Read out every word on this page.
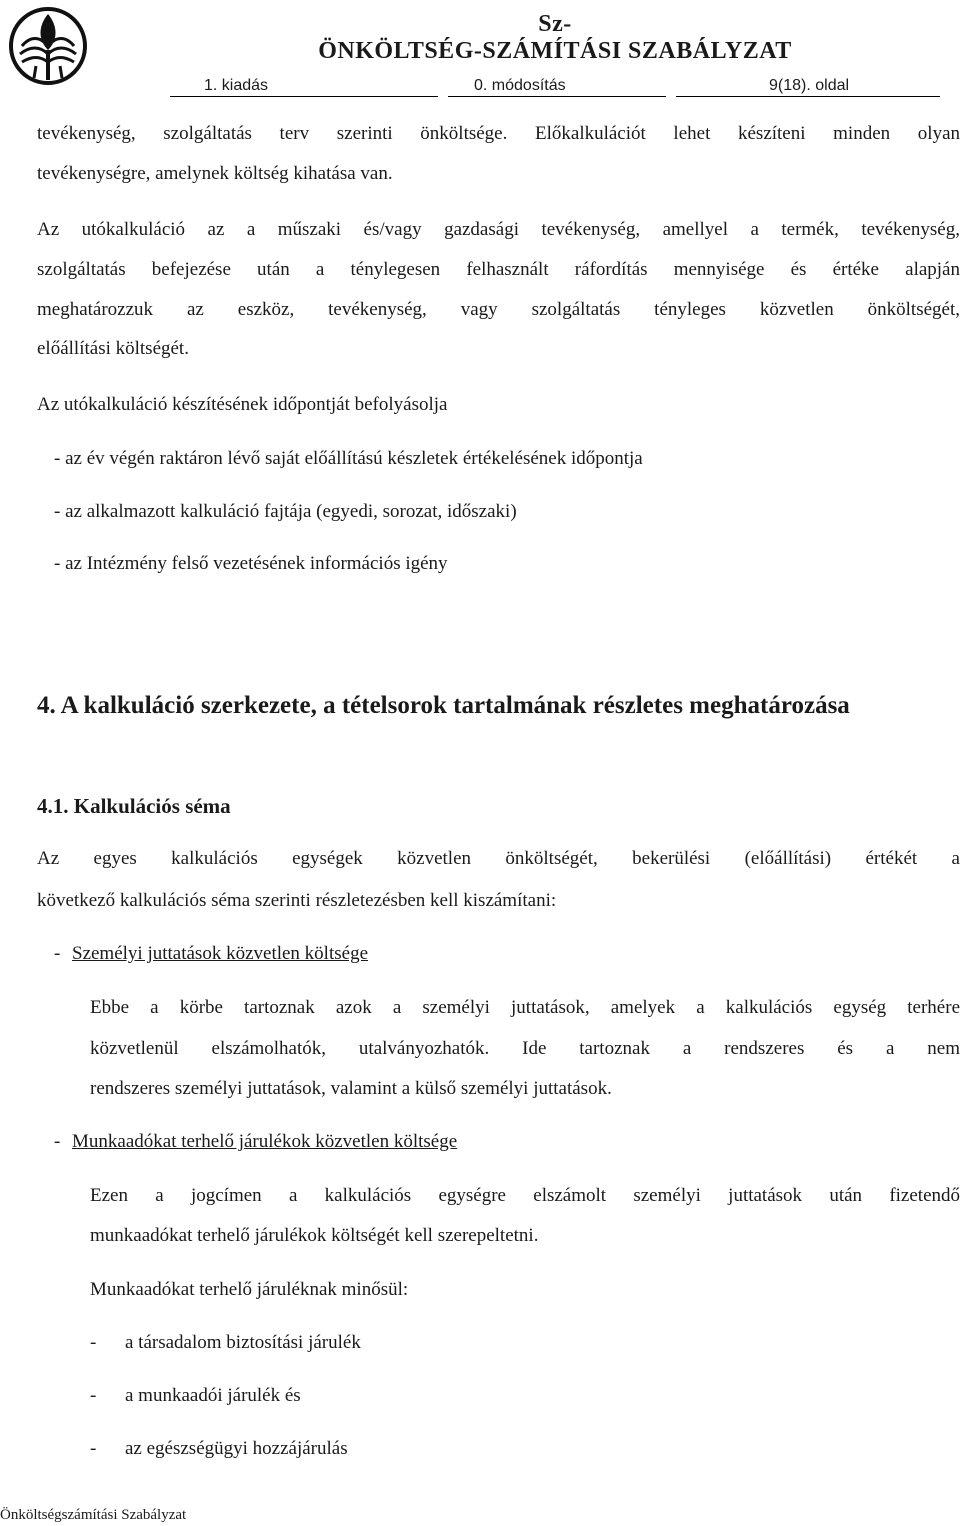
Sz-
ÖNKÖLTSÉG-SZÁMÍTÁSI SZABÁLYZAT
1. kiadás	0. módosítás	9(18). oldal

tevékenység, szolgáltatás terv szerinti önköltsége. Előkalkulációt lehet készíteni minden olyan

tevékenységre, amelynek költség kihatása van.

Az utókalkuláció az a műszaki és/vagy gazdasági tevékenység, amellyel a termék, tevékenység,

szolgáltatás befejezése után a ténylegesen felhasznált ráfordítás mennyisége és értéke alapján

meghatározzuk az eszköz, tevékenység, vagy szolgáltatás tényleges közvetlen önköltségét,

előállítási költségét.

Az utókalkuláció készítésének időpontját befolyásolja

- az év végén raktáron lévő saját előállítású készletek értékelésének időpontja

- az alkalmazott kalkuláció fajtája (egyedi, sorozat, időszaki)

- az Intézmény felső vezetésének információs igény

4. A kalkuláció szerkezete, a tételsorok tartalmának részletes meghatározása
4.1. Kalkulációs séma

Az egyes kalkulációs egységek közvetlen önköltségét, bekerülési (előállítási) értékét a

következő kalkulációs séma szerinti részletezésben kell kiszámítani:

- Személyi juttatások közvetlen költsége

Ebbe a körbe tartoznak azok a személyi juttatások, amelyek a kalkulációs egység terhére

közvetlenül elszámolhatók, utalványozhatók. Ide tartoznak a rendszeres és a nem

rendszeres személyi juttatások, valamint a külső személyi juttatások.

- Munkaadókat terhelő járulékok közvetlen költsége

Ezen a jogcímen a kalkulációs egységre elszámolt személyi juttatások után fizetendő

munkaadókat terhelő járulékok költségét kell szerepeltetni.

Munkaadókat terhelő járuléknak minősül:

- a társadalom biztosítási járulék
- a munkaadói járulék és
- az egészségügyi hozzájárulás
Önköltségszámítási Szabályzat
